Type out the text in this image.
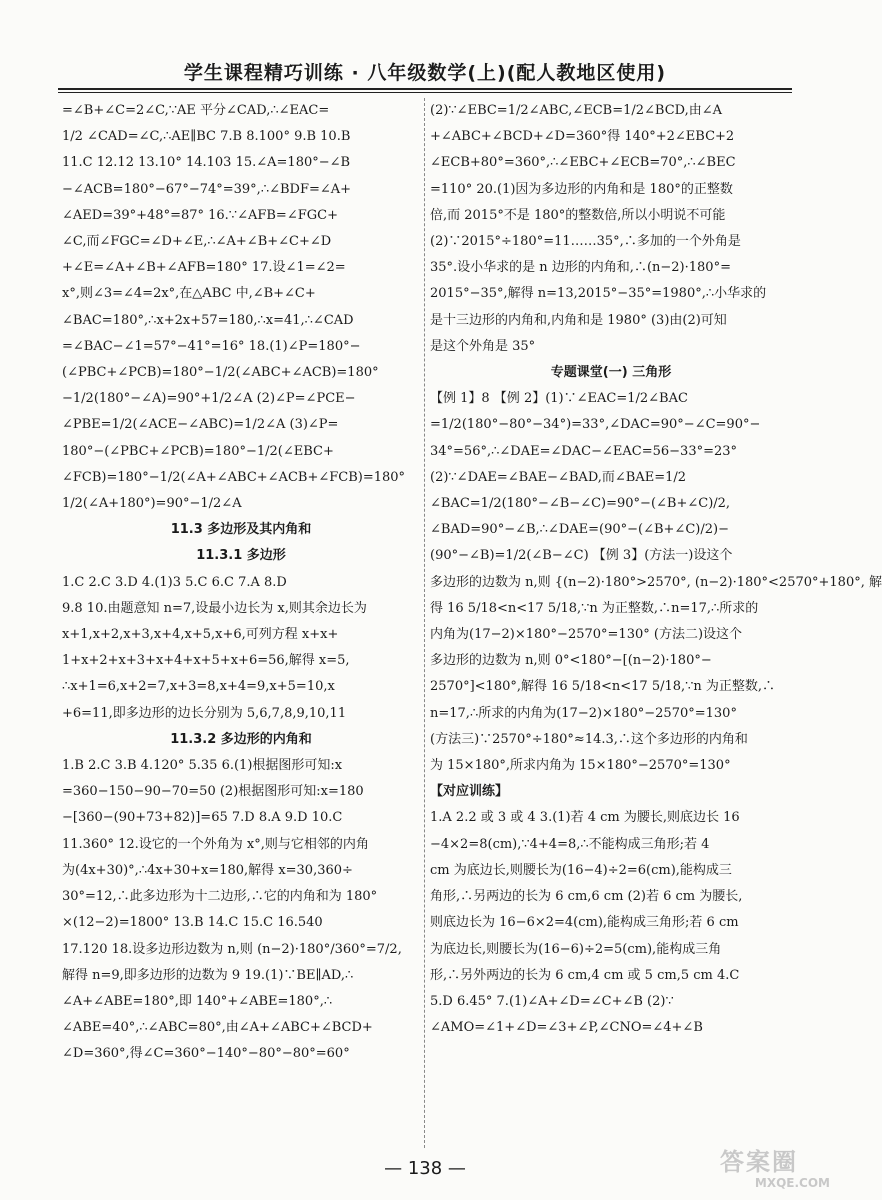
学生课程精巧训练 · 八年级数学(上)(配人教地区使用)

=∠B+∠C=2∠C,∵AE 平分∠CAD,∴∠EAC=

1/2 ∠CAD=∠C,∴AE∥BC 7.B 8.100° 9.B 10.B

11.C 12.12 13.10° 14.103 15.∠A=180°−∠B

−∠ACB=180°−67°−74°=39°,∴∠BDF=∠A+

∠AED=39°+48°=87° 16.∵∠AFB=∠FGC+

∠C,而∠FGC=∠D+∠E,∴∠A+∠B+∠C+∠D

+∠E=∠A+∠B+∠AFB=180° 17.设∠1=∠2=

x°,则∠3=∠4=2x°,在△ABC 中,∠B+∠C+

∠BAC=180°,∴x+2x+57=180,∴x=41,∴∠CAD

=∠BAC−∠1=57°−41°=16° 18.(1)∠P=180°−

(∠PBC+∠PCB)=180°−1/2(∠ABC+∠ACB)=180°

−1/2(180°−∠A)=90°+1/2∠A (2)∠P=∠PCE−

∠PBE=1/2(∠ACE−∠ABC)=1/2∠A (3)∠P=

180°−(∠PBC+∠PCB)=180°−1/2(∠EBC+

∠FCB)=180°−1/2(∠A+∠ABC+∠ACB+∠FCB)=180°

1/2(∠A+180°)=90°−1/2∠A

11.3 多边形及其内角和

11.3.1 多边形

1.C 2.C 3.D 4.(1)3 5.C 6.C 7.A 8.D

9.8 10.由题意知 n=7,设最小边长为 x,则其余边长为

x+1,x+2,x+3,x+4,x+5,x+6,可列方程 x+x+

1+x+2+x+3+x+4+x+5+x+6=56,解得 x=5,

∴x+1=6,x+2=7,x+3=8,x+4=9,x+5=10,x

+6=11,即多边形的边长分别为 5,6,7,8,9,10,11

11.3.2 多边形的内角和

1.B 2.C 3.B 4.120° 5.35 6.(1)根据图形可知:x

=360−150−90−70=50 (2)根据图形可知:x=180

−[360−(90+73+82)]=65 7.D 8.A 9.D 10.C

11.360° 12.设它的一个外角为 x°,则与它相邻的内角

为(4x+30)°,∴4x+30+x=180,解得 x=30,360÷

30°=12,∴此多边形为十二边形,∴它的内角和为 180°

×(12−2)=1800° 13.B 14.C 15.C 16.540

17.120 18.设多边形边数为 n,则 (n−2)·180°/360°=7/2,

解得 n=9,即多边形的边数为 9 19.(1)∵BE∥AD,∴

∠A+∠ABE=180°,即 140°+∠ABE=180°,∴

∠ABE=40°,∴∠ABC=80°,由∠A+∠ABC+∠BCD+

∠D=360°,得∠C=360°−140°−80°−80°=60°

(2)∵∠EBC=1/2∠ABC,∠ECB=1/2∠BCD,由∠A

+∠ABC+∠BCD+∠D=360°得 140°+2∠EBC+2

∠ECB+80°=360°,∴∠EBC+∠ECB=70°,∴∠BEC

=110° 20.(1)因为多边形的内角和是 180°的正整数

倍,而 2015°不是 180°的整数倍,所以小明说不可能

(2)∵2015°÷180°=11……35°,∴多加的一个外角是

35°.设小华求的是 n 边形的内角和,∴(n−2)·180°=

2015°−35°,解得 n=13,2015°−35°=1980°,∴小华求的

是十三边形的内角和,内角和是 1980° (3)由(2)可知

是这个外角是 35°

专题课堂(一) 三角形

【例 1】8 【例 2】(1)∵∠EAC=1/2∠BAC

=1/2(180°−80°−34°)=33°,∠DAC=90°−∠C=90°−

34°=56°,∴∠DAE=∠DAC−∠EAC=56−33°=23°

(2)∵∠DAE=∠BAE−∠BAD,而∠BAE=1/2

∠BAC=1/2(180°−∠B−∠C)=90°−(∠B+∠C)/2,

∠BAD=90°−∠B,∴∠DAE=(90°−(∠B+∠C)/2)−

(90°−∠B)=1/2(∠B−∠C) 【例 3】(方法一)设这个

多边形的边数为 n,则 {(n−2)·180°>2570°, (n−2)·180°<2570°+180°, 解

得 16 5/18<n<17 5/18,∵n 为正整数,∴n=17,∴所求的

内角为(17−2)×180°−2570°=130° (方法二)设这个

多边形的边数为 n,则 0°<180°−[(n−2)·180°−

2570°]<180°,解得 16 5/18<n<17 5/18,∵n 为正整数,∴

n=17,∴所求的内角为(17−2)×180°−2570°=130°

(方法三)∵2570°÷180°≈14.3,∴这个多边形的内角和

为 15×180°,所求内角为 15×180°−2570°=130°

【对应训练】

1.A 2.2 或 3 或 4 3.(1)若 4 cm 为腰长,则底边长 16

−4×2=8(cm),∵4+4=8,∴不能构成三角形;若 4

cm 为底边长,则腰长为(16−4)÷2=6(cm),能构成三

角形,∴另两边的长为 6 cm,6 cm (2)若 6 cm 为腰长,

则底边长为 16−6×2=4(cm),能构成三角形;若 6 cm

为底边长,则腰长为(16−6)÷2=5(cm),能构成三角

形,∴另外两边的长为 6 cm,4 cm 或 5 cm,5 cm 4.C

5.D 6.45° 7.(1)∠A+∠D=∠C+∠B (2)∵

∠AMO=∠1+∠D=∠3+∠P,∠CNO=∠4+∠B

— 138 —	答案圈
MXQE.COM
